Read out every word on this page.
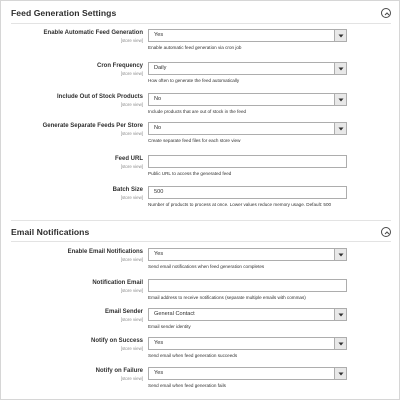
Feed Generation Settings
Enable Automatic Feed Generation
[store view]
Yes
Enable automatic feed generation via cron job
Cron Frequency
[store view]
Daily
How often to generate the feed automatically
Include Out of Stock Products
[store view]
No
Include products that are out of stock in the feed
Generate Separate Feeds Per Store
[store view]
No
Create separate feed files for each store view
Feed URL
[store view]
Public URL to access the generated feed
Batch Size
[store view]
500
Number of products to process at once. Lower values reduce memory usage. Default: 500
Email Notifications
Enable Email Notifications
[store view]
Yes
Send email notifications when feed generation completes
Notification Email
[store view]
Email address to receive notifications (separate multiple emails with commas)
Email Sender
[store view]
General Contact
Email sender identity
Notify on Success
[store view]
Yes
Send email when feed generation succeeds
Notify on Failure
[store view]
Yes
Send email when feed generation fails
